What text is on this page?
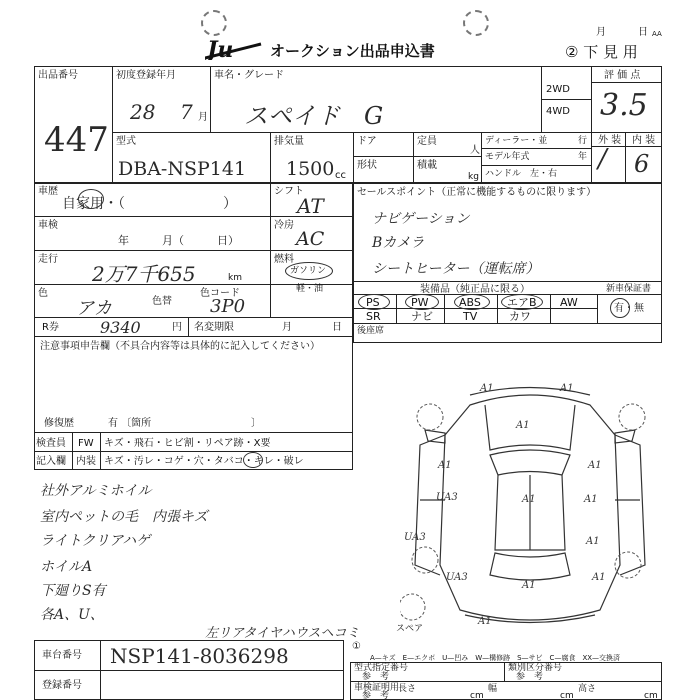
Ju オークション出品申込書
月	日 AA
② 下 見 用
出品番号
447
初度登録年月
28 7 月
車名・グレード
スペイド　G
2WD
4WD
評 価 点
3.5
型式
DBA-NSP141
排気量
1500 cc
ドア	定員
人
形状	積載
kg
ディーラー・並	行
モデル年式	年
ハンドル　左・右
外 装 内 装
/ 6
車歴
自家用・（　　　　　　　）
シフト
AT
車検
年　　　月（　　　日）
冷房
AC
走行
2万7千655	km
燃料
ガソリン
軽・油
色
アカ	色替
色コード
3P0
R券	9340	円 名変期限	月　　　　日
注意事項申告欄（不具合内容等は具体的に記入してください）
修復歴	有 〔箇所　　　　　　　　　　〕
検査員
記入欄
FW キズ・飛石・ヒビ割・リペア跡・X要
内装 キズ・汚レ・コゲ・穴・タバコ・キレ・破レ
社外アルミホイル
室内ペットの毛　内張キズ
ライトクリアハゲ
ホイルA
下廻りS有
各A、U、
左リアタイヤハウスヘコミ
セールスポイント（正常に機能するものに限ります）
ナビゲーション
Bカメラ
シートヒーター（運転席）
装備品（純正品に限る）	新車保証書
PS	PW	ABS エアB AW
SR	ナビ	TV	カワ
有・無
後座席
A1	A1
A1
A1	A1
A1	A1
A1
A1
A1
A1
UA3
UA3
UA3
スペア
①
車台番号 NSP141-8036298
登録番号
A—キズ　E—エクボ　U—凹み　W—構修跡　S—サビ　C—腐食　XX—交換済
型式指定番号
参　考
類別区分番号
参　考
車検証明用
参　考
長さ
cm
幅
cm
高さ
cm
